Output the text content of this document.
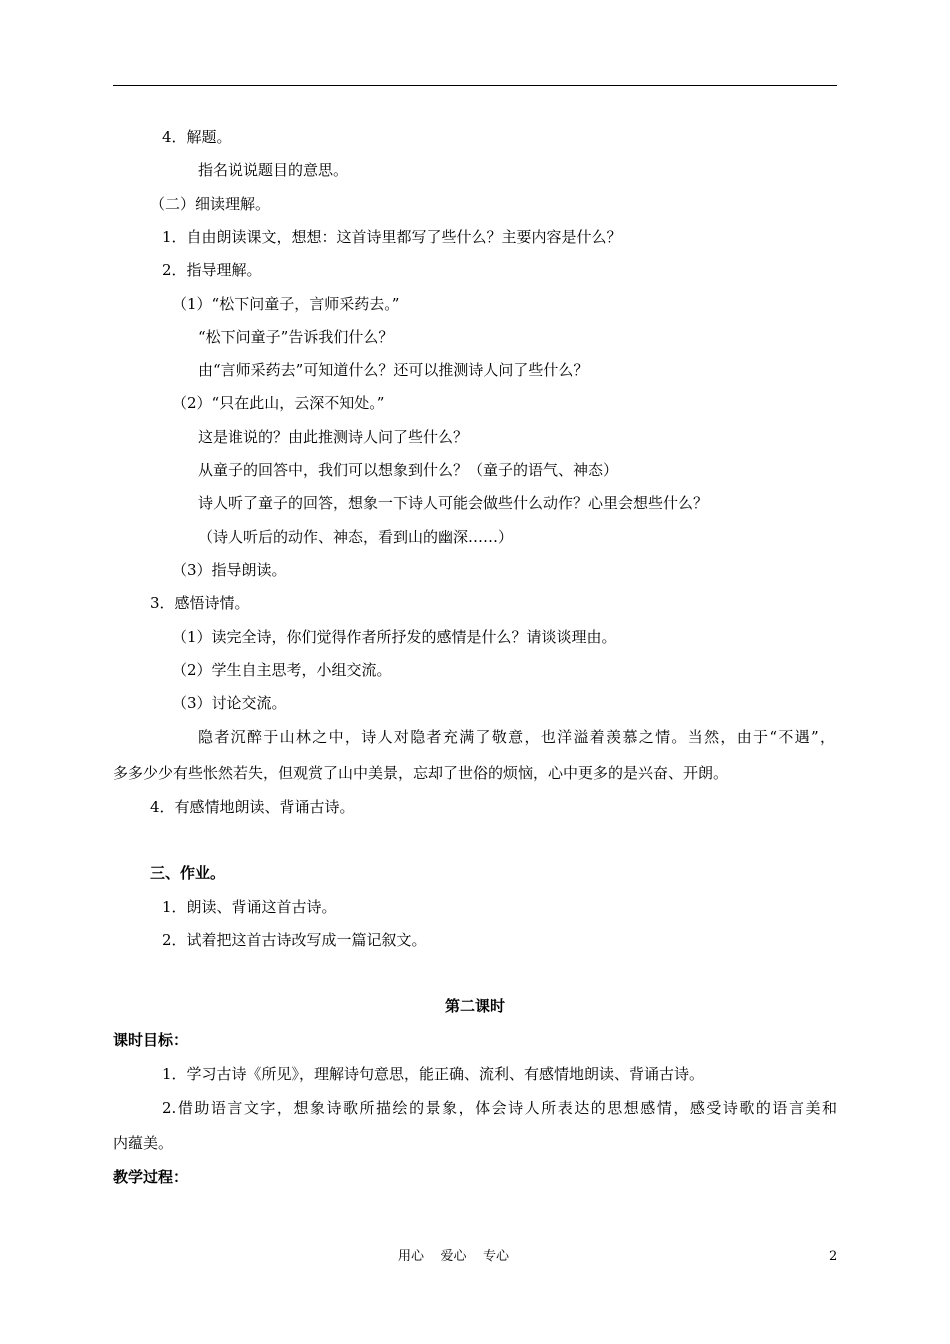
4．解题。
指名说说题目的意思。
（二）细读理解。
1．自由朗读课文，想想：这首诗里都写了些什么？主要内容是什么？
2．指导理解。
（1）“松下问童子，言师采药去。”
“松下问童子”告诉我们什么？
由“言师采药去”可知道什么？还可以推测诗人问了些什么？
（2）“只在此山，云深不知处。”
这是谁说的？由此推测诗人问了些什么？
从童子的回答中，我们可以想象到什么？（童子的语气、神态）
诗人听了童子的回答，想象一下诗人可能会做些什么动作？心里会想些什么？
（诗人听后的动作、神态，看到山的幽深……）
（3）指导朗读。
3．感悟诗情。
（1）读完全诗，你们觉得作者所抒发的感情是什么？请谈谈理由。
（2）学生自主思考，小组交流。
（3）讨论交流。
隐者沉醉于山林之中，诗人对隐者充满了敬意，也洋溢着羡慕之情。当然，由于“不遇”，
多多少少有些怅然若失，但观赏了山中美景，忘却了世俗的烦恼，心中更多的是兴奋、开朗。
4．有感情地朗读、背诵古诗。
三、作业。
1．朗读、背诵这首古诗。
2．试着把这首古诗改写成一篇记叙文。
第二课时
课时目标：
1．学习古诗《所见》，理解诗句意思，能正确、流利、有感情地朗读、背诵古诗。
2.借助语言文字，想象诗歌所描绘的景象，体会诗人所表达的思想感情，感受诗歌的语言美和
内蕴美。
教学过程：
用心    爱心    专心	2
